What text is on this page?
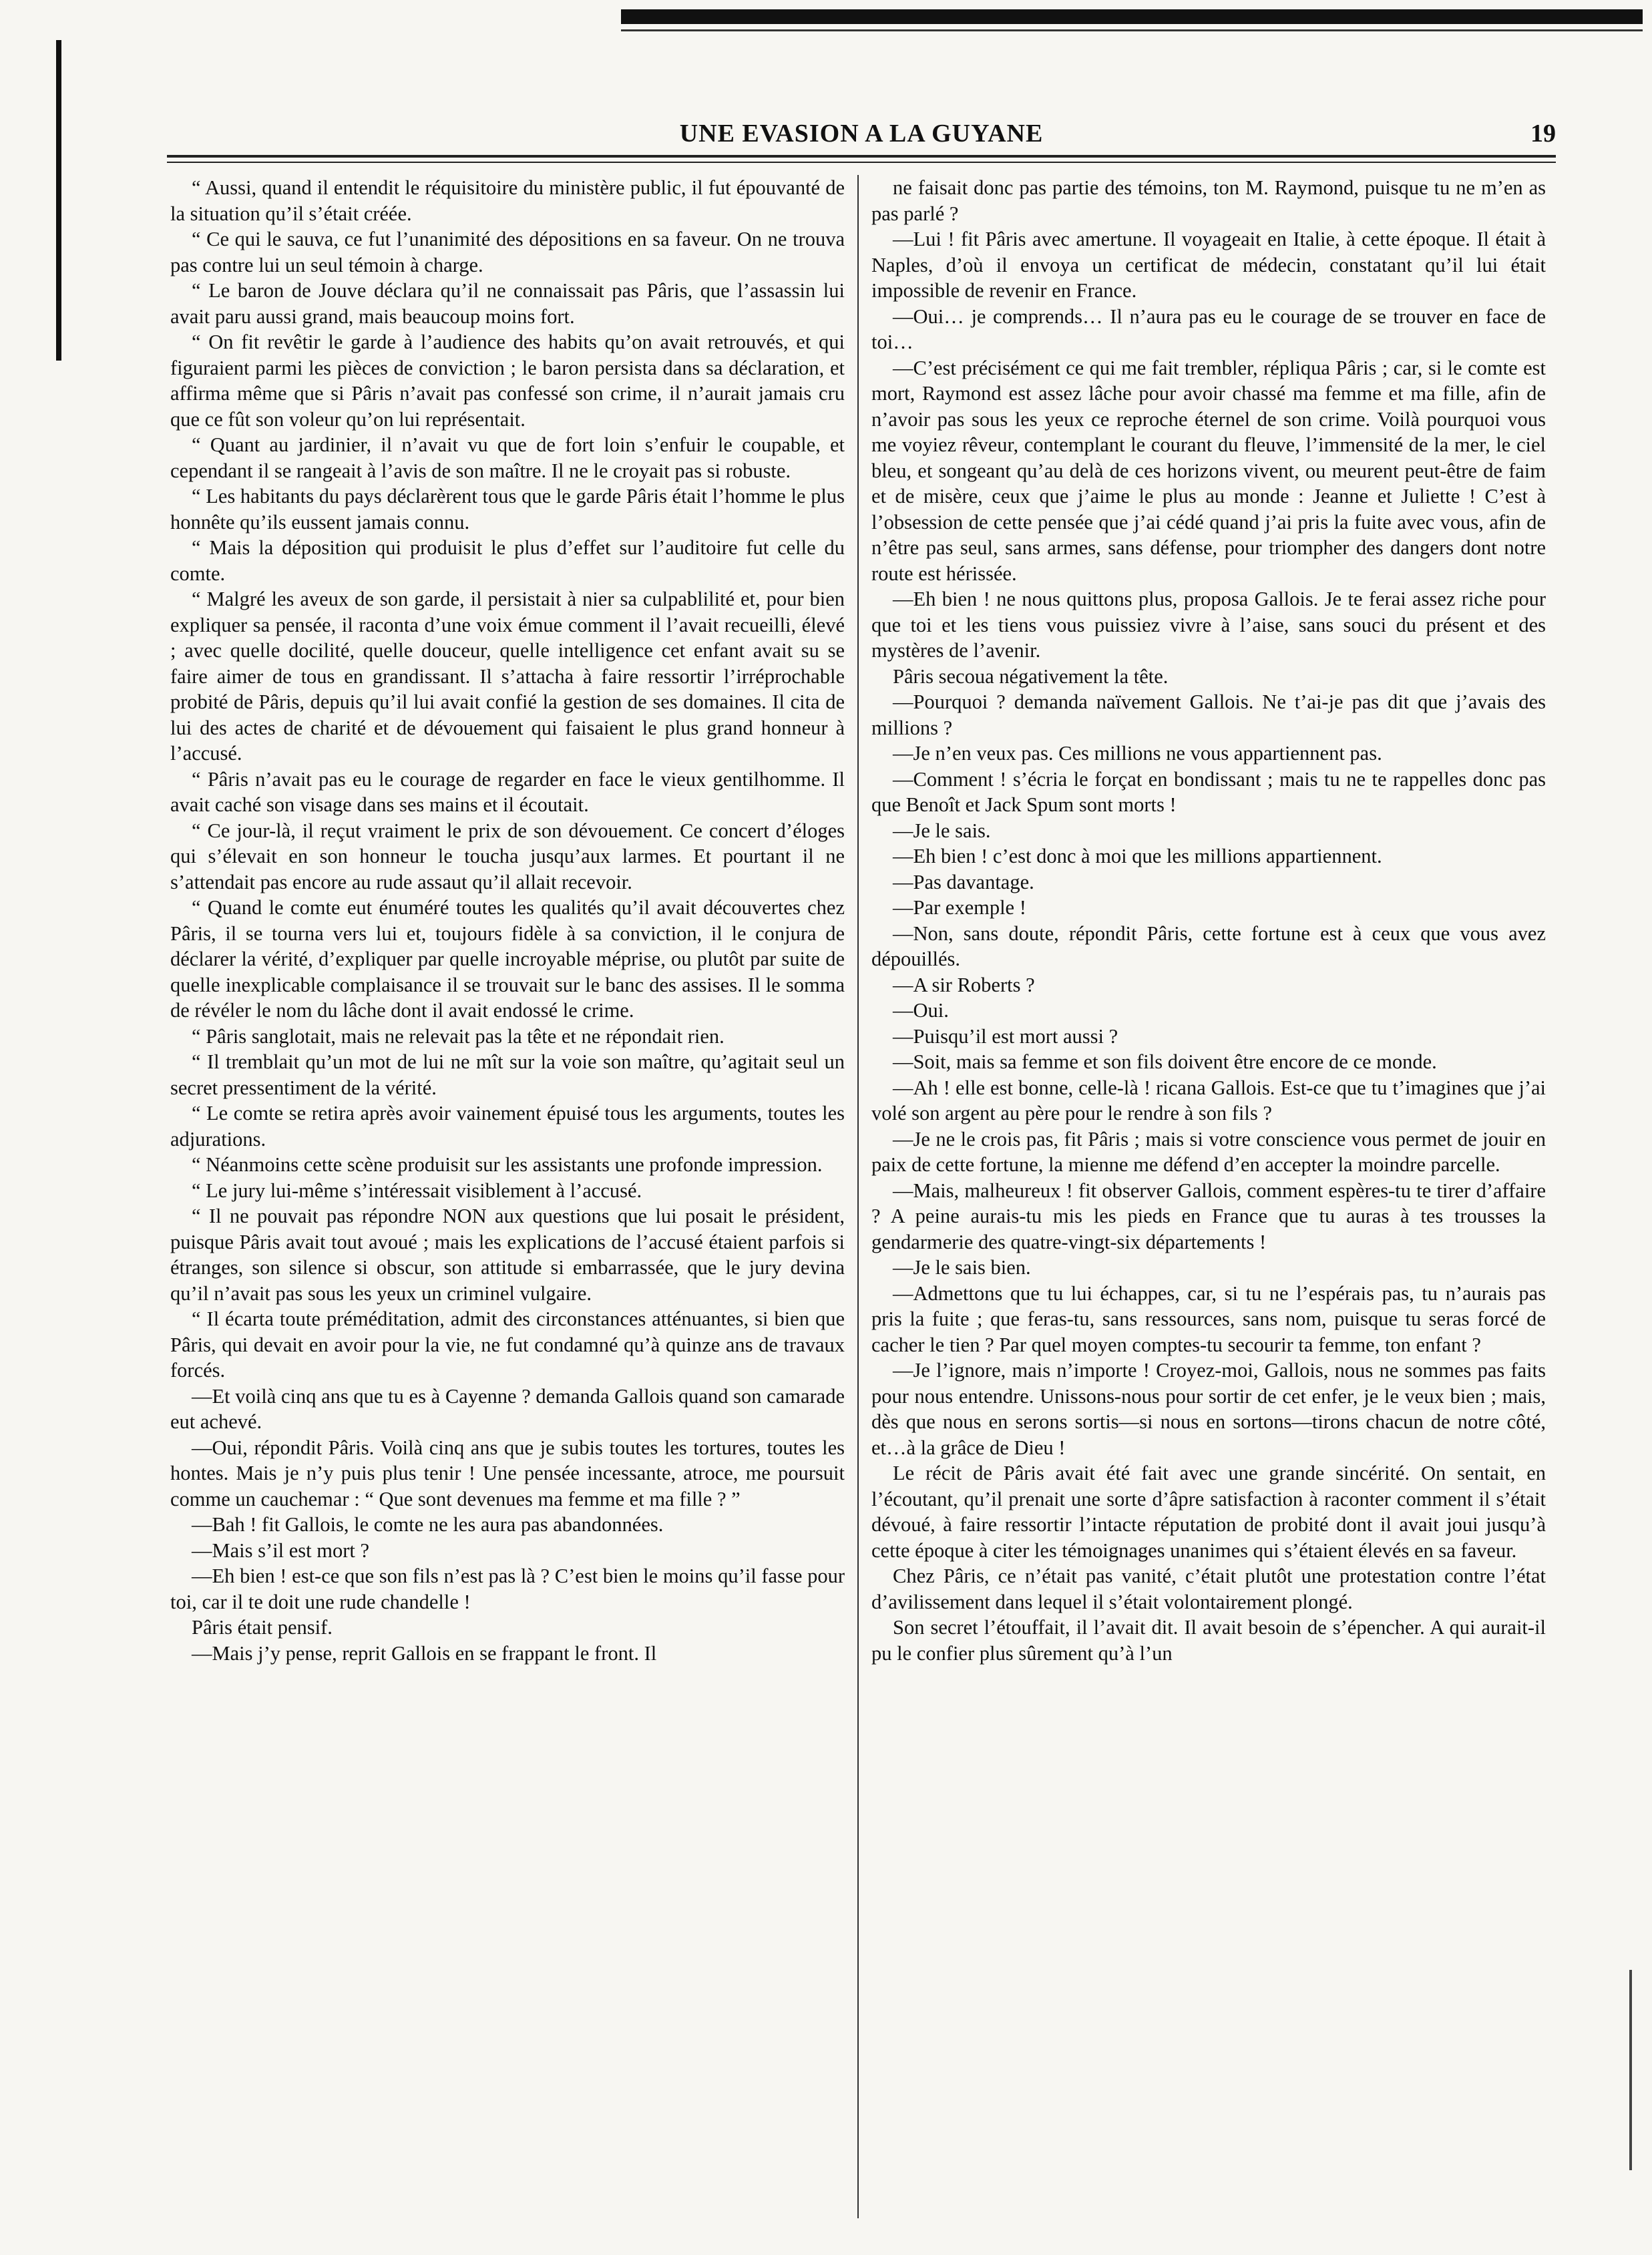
UNE EVASION A LA GUYANE	19

“ Aussi, quand il entendit le réquisitoire du ministère public, il fut épouvanté de la situation qu’il s’était créée.

“ Ce qui le sauva, ce fut l’unanimité des dépositions en sa faveur. On ne trouva pas contre lui un seul témoin à charge.

“ Le baron de Jouve déclara qu’il ne connaissait pas Pâris, que l’assassin lui avait paru aussi grand, mais beaucoup moins fort.

“ On fit revêtir le garde à l’audience des habits qu’on avait retrouvés, et qui figuraient parmi les pièces de conviction ; le baron persista dans sa déclaration, et affirma même que si Pâris n’avait pas confessé son crime, il n’aurait jamais cru que ce fût son voleur qu’on lui représentait.

“ Quant au jardinier, il n’avait vu que de fort loin s’enfuir le coupable, et cependant il se rangeait à l’avis de son maître. Il ne le croyait pas si robuste.

“ Les habitants du pays déclarèrent tous que le garde Pâris était l’homme le plus honnête qu’ils eussent jamais connu.

“ Mais la déposition qui produisit le plus d’effet sur l’auditoire fut celle du comte.

“ Malgré les aveux de son garde, il persistait à nier sa culpablilité et, pour bien expliquer sa pensée, il raconta d’une voix émue comment il l’avait recueilli, élevé ; avec quelle docilité, quelle douceur, quelle intelligence cet enfant avait su se faire aimer de tous en grandissant. Il s’attacha à faire ressortir l’irréprochable probité de Pâris, depuis qu’il lui avait confié la gestion de ses domaines. Il cita de lui des actes de charité et de dévouement qui faisaient le plus grand honneur à l’accusé.

“ Pâris n’avait pas eu le courage de regarder en face le vieux gentilhomme. Il avait caché son visage dans ses mains et il écoutait.

“ Ce jour-là, il reçut vraiment le prix de son dévouement. Ce concert d’éloges qui s’élevait en son honneur le toucha jusqu’aux larmes. Et pourtant il ne s’attendait pas encore au rude assaut qu’il allait recevoir.

“ Quand le comte eut énuméré toutes les qualités qu’il avait découvertes chez Pâris, il se tourna vers lui et, toujours fidèle à sa conviction, il le conjura de déclarer la vérité, d’expliquer par quelle incroyable méprise, ou plutôt par suite de quelle inexplicable complaisance il se trouvait sur le banc des assises. Il le somma de révéler le nom du lâche dont il avait endossé le crime.

“ Pâris sanglotait, mais ne relevait pas la tête et ne répondait rien.

“ Il tremblait qu’un mot de lui ne mît sur la voie son maître, qu’agitait seul un secret pressentiment de la vérité.

“ Le comte se retira après avoir vainement épuisé tous les arguments, toutes les adjurations.

“ Néanmoins cette scène produisit sur les assistants une profonde impression.

“ Le jury lui-même s’intéressait visiblement à l’accusé.

“ Il ne pouvait pas répondre NON aux questions que lui posait le président, puisque Pâris avait tout avoué ; mais les explications de l’accusé étaient parfois si étranges, son silence si obscur, son attitude si embarrassée, que le jury devina qu’il n’avait pas sous les yeux un criminel vulgaire.

“ Il écarta toute préméditation, admit des circonstances atténuantes, si bien que Pâris, qui devait en avoir pour la vie, ne fut condamné qu’à quinze ans de travaux forcés.

—Et voilà cinq ans que tu es à Cayenne ? demanda Gallois quand son camarade eut achevé.

—Oui, répondit Pâris. Voilà cinq ans que je subis toutes les tortures, toutes les hontes. Mais je n’y puis plus tenir ! Une pensée incessante, atroce, me poursuit comme un cauchemar : “ Que sont devenues ma femme et ma fille ? ”

—Bah ! fit Gallois, le comte ne les aura pas abandonnées.

—Mais s’il est mort ?

—Eh bien ! est-ce que son fils n’est pas là ? C’est bien le moins qu’il fasse pour toi, car il te doit une rude chandelle !

Pâris était pensif.

—Mais j’y pense, reprit Gallois en se frappant le front. Il

ne faisait donc pas partie des témoins, ton M. Raymond, puisque tu ne m’en as pas parlé ?

—Lui ! fit Pâris avec amertune. Il voyageait en Italie, à cette époque. Il était à Naples, d’où il envoya un certificat de médecin, constatant qu’il lui était impossible de revenir en France.

—Oui… je comprends… Il n’aura pas eu le courage de se trouver en face de toi…

—C’est précisément ce qui me fait trembler, répliqua Pâris ; car, si le comte est mort, Raymond est assez lâche pour avoir chassé ma femme et ma fille, afin de n’avoir pas sous les yeux ce reproche éternel de son crime. Voilà pourquoi vous me voyiez rêveur, contemplant le courant du fleuve, l’immensité de la mer, le ciel bleu, et songeant qu’au delà de ces horizons vivent, ou meurent peut-être de faim et de misère, ceux que j’aime le plus au monde : Jeanne et Juliette ! C’est à l’obsession de cette pensée que j’ai cédé quand j’ai pris la fuite avec vous, afin de n’être pas seul, sans armes, sans défense, pour triompher des dangers dont notre route est hérissée.

—Eh bien ! ne nous quittons plus, proposa Gallois. Je te ferai assez riche pour que toi et les tiens vous puissiez vivre à l’aise, sans souci du présent et des mystères de l’avenir.

Pâris secoua négativement la tête.

—Pourquoi ? demanda naïvement Gallois. Ne t’ai-je pas dit que j’avais des millions ?

—Je n’en veux pas. Ces millions ne vous appartiennent pas.

—Comment ! s’écria le forçat en bondissant ; mais tu ne te rappelles donc pas que Benoît et Jack Spum sont morts !

—Je le sais.

—Eh bien ! c’est donc à moi que les millions appartiennent.

—Pas davantage.

—Par exemple !

—Non, sans doute, répondit Pâris, cette fortune est à ceux que vous avez dépouillés.

—A sir Roberts ?

—Oui.

—Puisqu’il est mort aussi ?

—Soit, mais sa femme et son fils doivent être encore de ce monde.

—Ah ! elle est bonne, celle-là ! ricana Gallois. Est-ce que tu t’imagines que j’ai volé son argent au père pour le rendre à son fils ?

—Je ne le crois pas, fit Pâris ; mais si votre conscience vous permet de jouir en paix de cette fortune, la mienne me défend d’en accepter la moindre parcelle.

—Mais, malheureux ! fit observer Gallois, comment espères-tu te tirer d’affaire ? A peine aurais-tu mis les pieds en France que tu auras à tes trousses la gendarmerie des quatre-vingt-six départements !

—Je le sais bien.

—Admettons que tu lui échappes, car, si tu ne l’espérais pas, tu n’aurais pas pris la fuite ; que feras-tu, sans ressources, sans nom, puisque tu seras forcé de cacher le tien ? Par quel moyen comptes-tu secourir ta femme, ton enfant ?

—Je l’ignore, mais n’importe ! Croyez-moi, Gallois, nous ne sommes pas faits pour nous entendre. Unissons-nous pour sortir de cet enfer, je le veux bien ; mais, dès que nous en serons sortis—si nous en sortons—tirons chacun de notre côté, et…à la grâce de Dieu !

Le récit de Pâris avait été fait avec une grande sincérité. On sentait, en l’écoutant, qu’il prenait une sorte d’âpre satisfaction à raconter comment il s’était dévoué, à faire ressortir l’intacte réputation de probité dont il avait joui jusqu’à cette époque à citer les témoignages unanimes qui s’étaient élevés en sa faveur.

Chez Pâris, ce n’était pas vanité, c’était plutôt une protestation contre l’état d’avilissement dans lequel il s’était volontairement plongé.

Son secret l’étouffait, il l’avait dit. Il avait besoin de s’épencher. A qui aurait-il pu le confier plus sûrement qu’à l’un
